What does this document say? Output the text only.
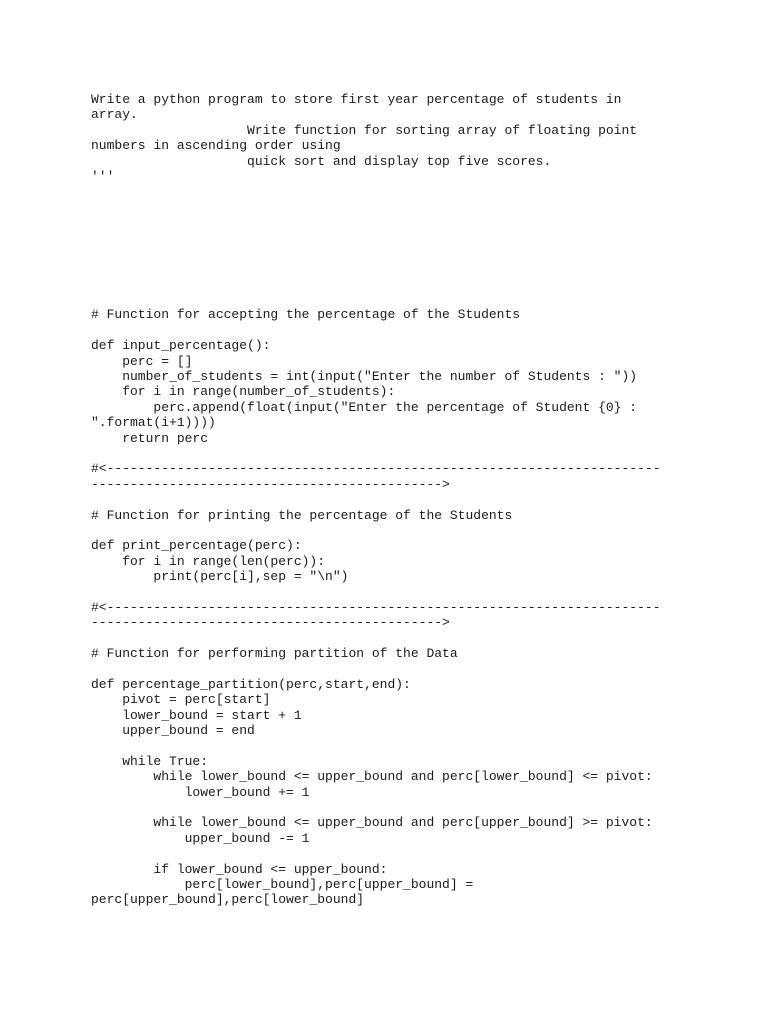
Write a python program to store first year percentage of students in
array.
Write function for sorting array of floating point
numbers in ascending order using
quick sort and display top five scores.
'''
# Function for accepting the percentage of the Students
def input_percentage():
perc = []
number_of_students = int(input("Enter the number of Students : "))
for i in range(number_of_students):
perc.append(float(input("Enter the percentage of Student {0} :
".format(i+1))))
return perc
#<-----------------------------------------------------------------------
--------------------------------------------->
# Function for printing the percentage of the Students
def print_percentage(perc):
for i in range(len(perc)):
print(perc[i],sep = "\n")
#<-----------------------------------------------------------------------
--------------------------------------------->
# Function for performing partition of the Data
def percentage_partition(perc,start,end):
pivot = perc[start]
lower_bound = start + 1
upper_bound = end
while True:
while lower_bound <= upper_bound and perc[lower_bound] <= pivot:
lower_bound += 1
while lower_bound <= upper_bound and perc[upper_bound] >= pivot:
upper_bound -= 1
if lower_bound <= upper_bound:
perc[lower_bound],perc[upper_bound] =
perc[upper_bound],perc[lower_bound]
